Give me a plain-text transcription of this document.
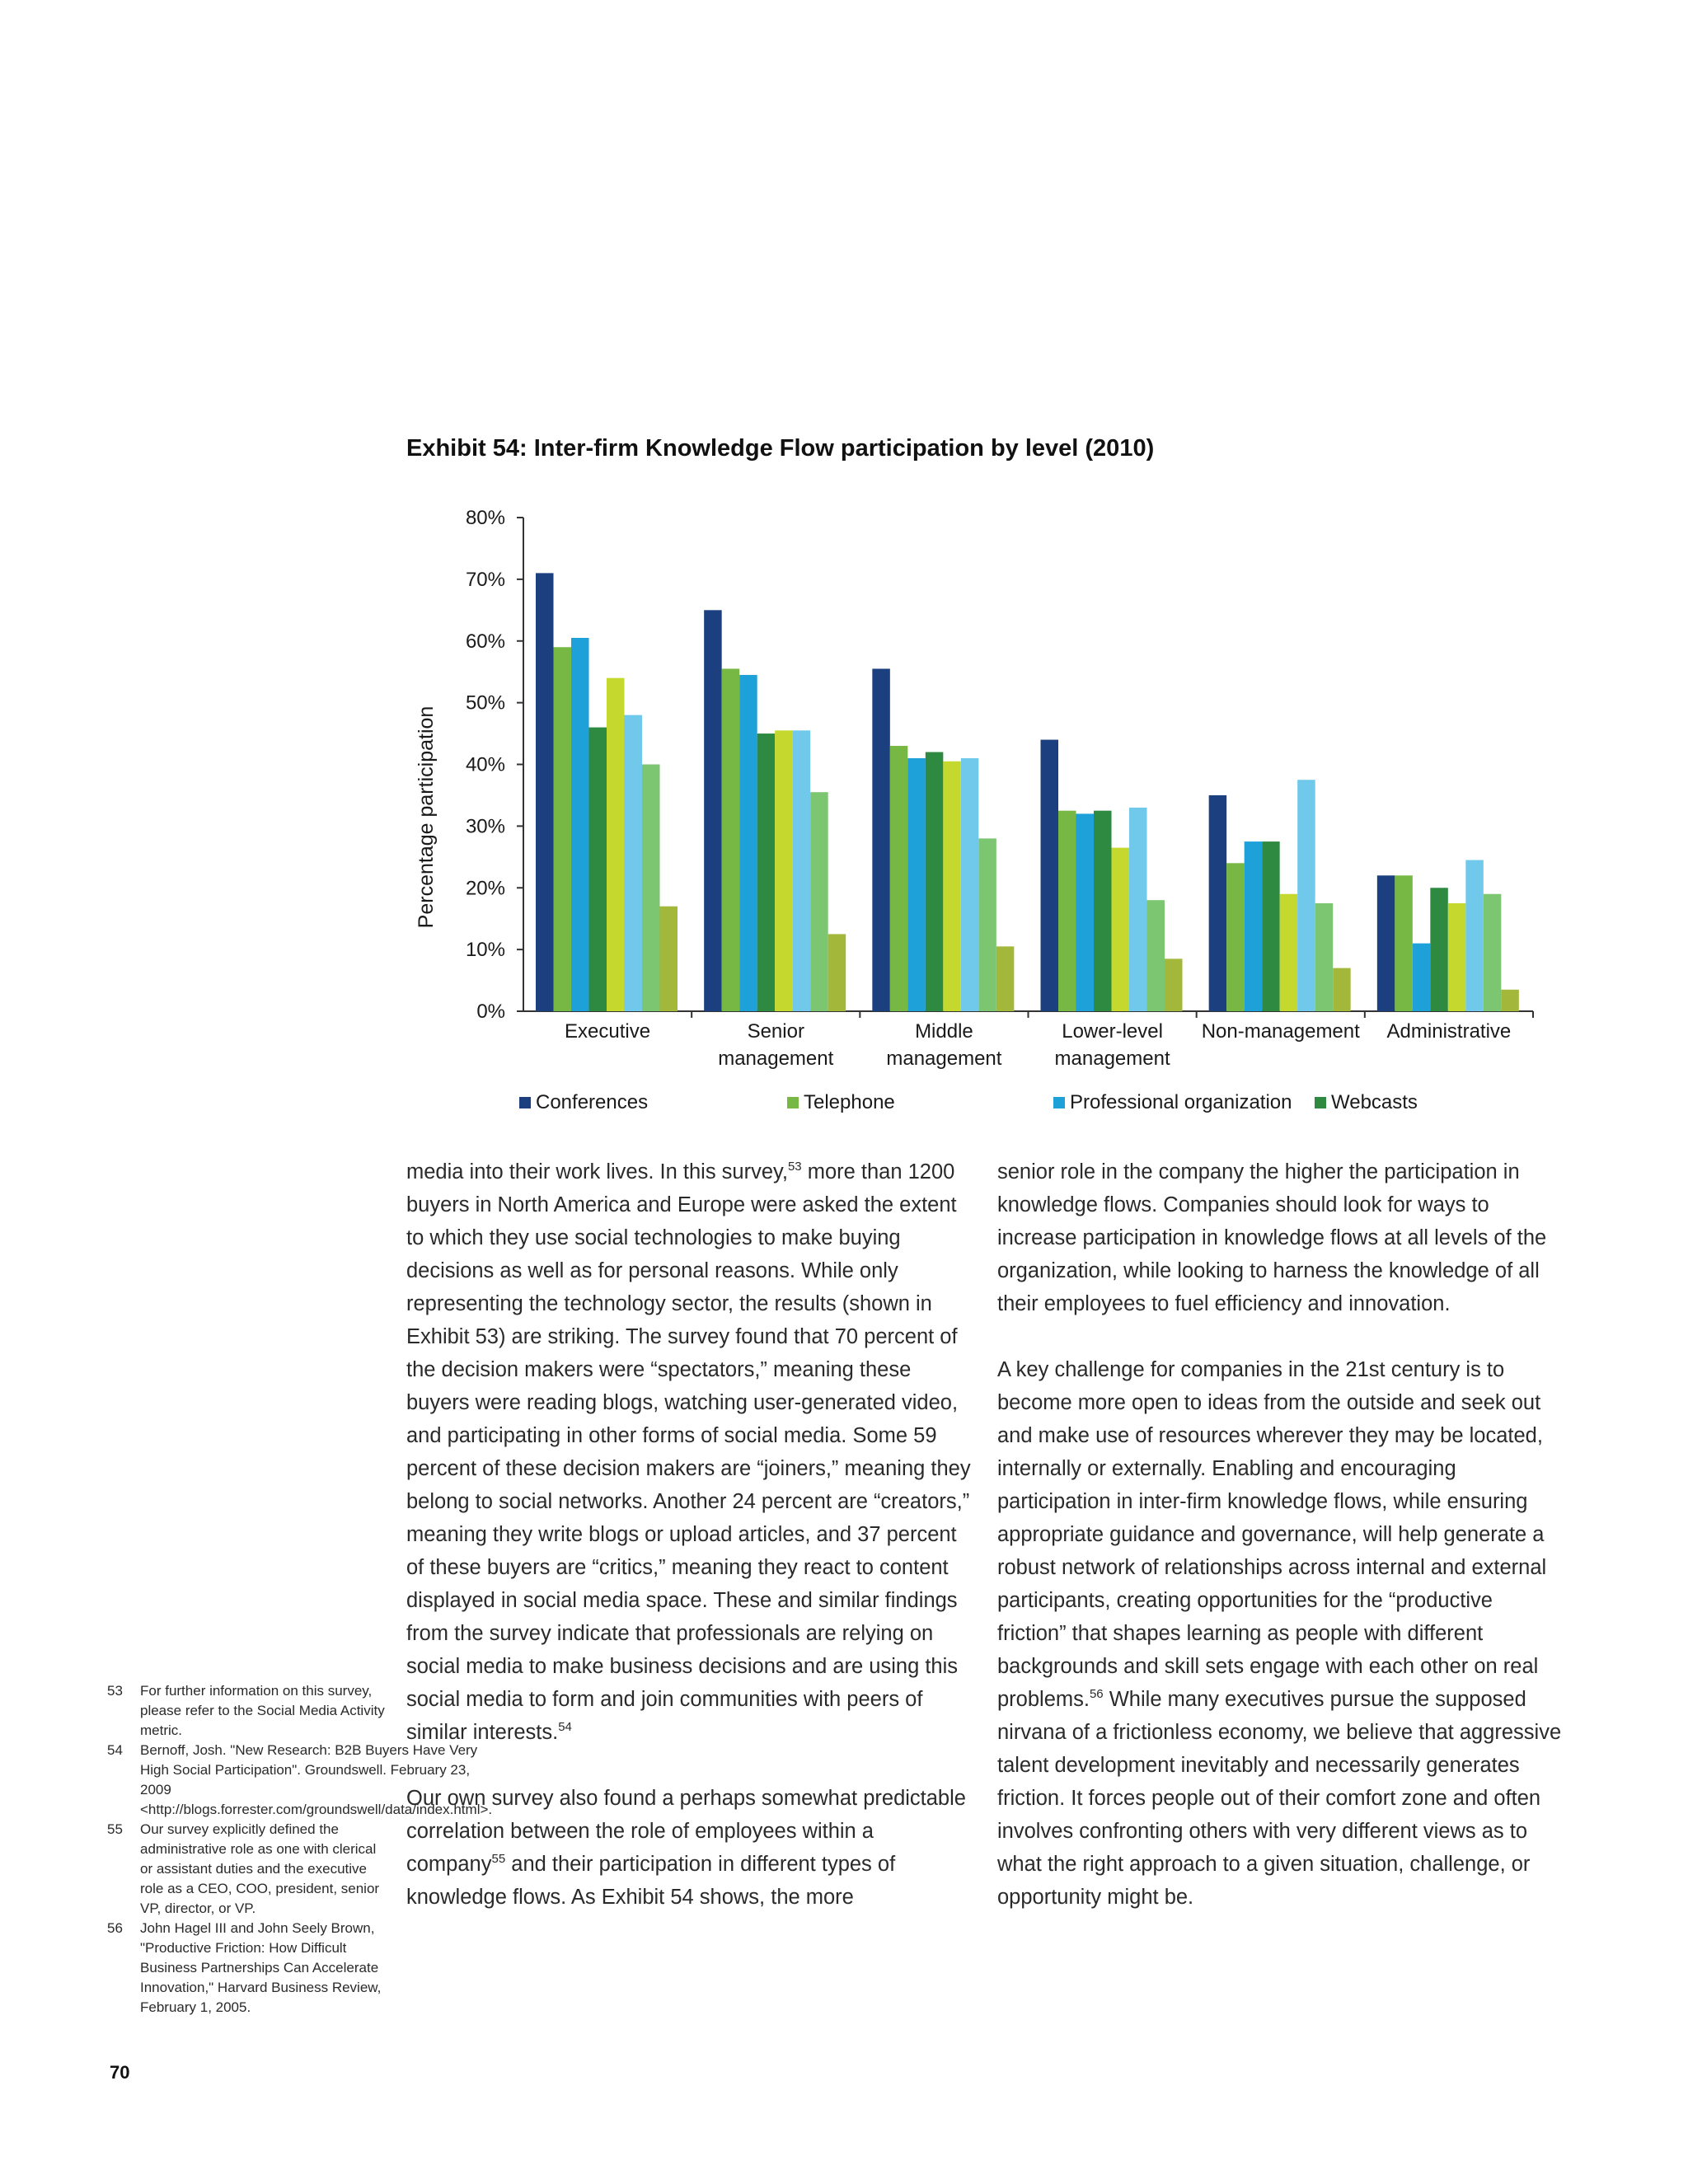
Exhibit 54: Inter-firm Knowledge Flow participation by level (2010)
0%
10%
20%
30%
40%
50%
60%
70%
80%
Percentage participation
Executive	Senior
management
Middle
management
Lower-level
management
Non-management Administrative
Conferences	Telephone	Professional organization Webcasts

media into their work lives. In this survey,$^{53}$ more than 1200 buyers in North America and Europe were asked the extent to which they use social technologies to make buying decisions as well as for personal reasons. While only representing the technology sector, the results (shown in Exhibit 53) are striking. The survey found that 70 percent of the decision makers were “spectators,” meaning these buyers were reading blogs, watching user-generated video, and participating in other forms of social media. Some 59 percent of these decision makers are “joiners,” meaning they belong to social networks. Another 24 percent are “creators,” meaning they write blogs or upload articles, and 37 percent of these buyers are “critics,” meaning they react to content displayed in social media space. These and similar findings from the survey indicate that professionals are relying on social media to make business decisions and are using this social media to form and join communities with peers of similar interests.$^{54}$

Our own survey also found a perhaps somewhat predictable correlation between the role of employees within a company$^{55}$ and their participation in different types of knowledge flows. As Exhibit 54 shows, the more

senior role in the company the higher the participation in knowledge flows. Companies should look for ways to increase participation in knowledge flows at all levels of the organization, while looking to harness the knowledge of all their employees to fuel efficiency and innovation.

A key challenge for companies in the 21st century is to become more open to ideas from the outside and seek out and make use of resources wherever they may be located, internally or externally. Enabling and encouraging participation in inter-firm knowledge flows, while ensuring appropriate guidance and governance, will help generate a robust network of relationships across internal and external participants, creating opportunities for the “productive friction” that shapes learning as people with different backgrounds and skill sets engage with each other on real problems.$^{56}$ While many executives pursue the supposed nirvana of a frictionless economy, we believe that aggressive talent development inevitably and necessarily generates friction. It forces people out of their comfort zone and often involves confronting others with very different views as to what the right approach to a given situation, challenge, or opportunity might be.

53	For further information on this survey, please refer to the Social Media Activity metric.
54	Bernoff, Josh. "New Research: B2B Buyers Have Very High Social Participation". Groundswell. February 23, 2009 <http://blogs.forrester.com/groundswell/data/index.html>.
55	Our survey explicitly defined the administrative role as one with clerical or assistant duties and the executive role as a CEO, COO, president, senior VP, director, or VP.
56	John Hagel III and John Seely Brown, "Productive Friction: How Difficult Business Partnerships Can Accelerate Innovation," Harvard Business Review, February 1, 2005.
70
